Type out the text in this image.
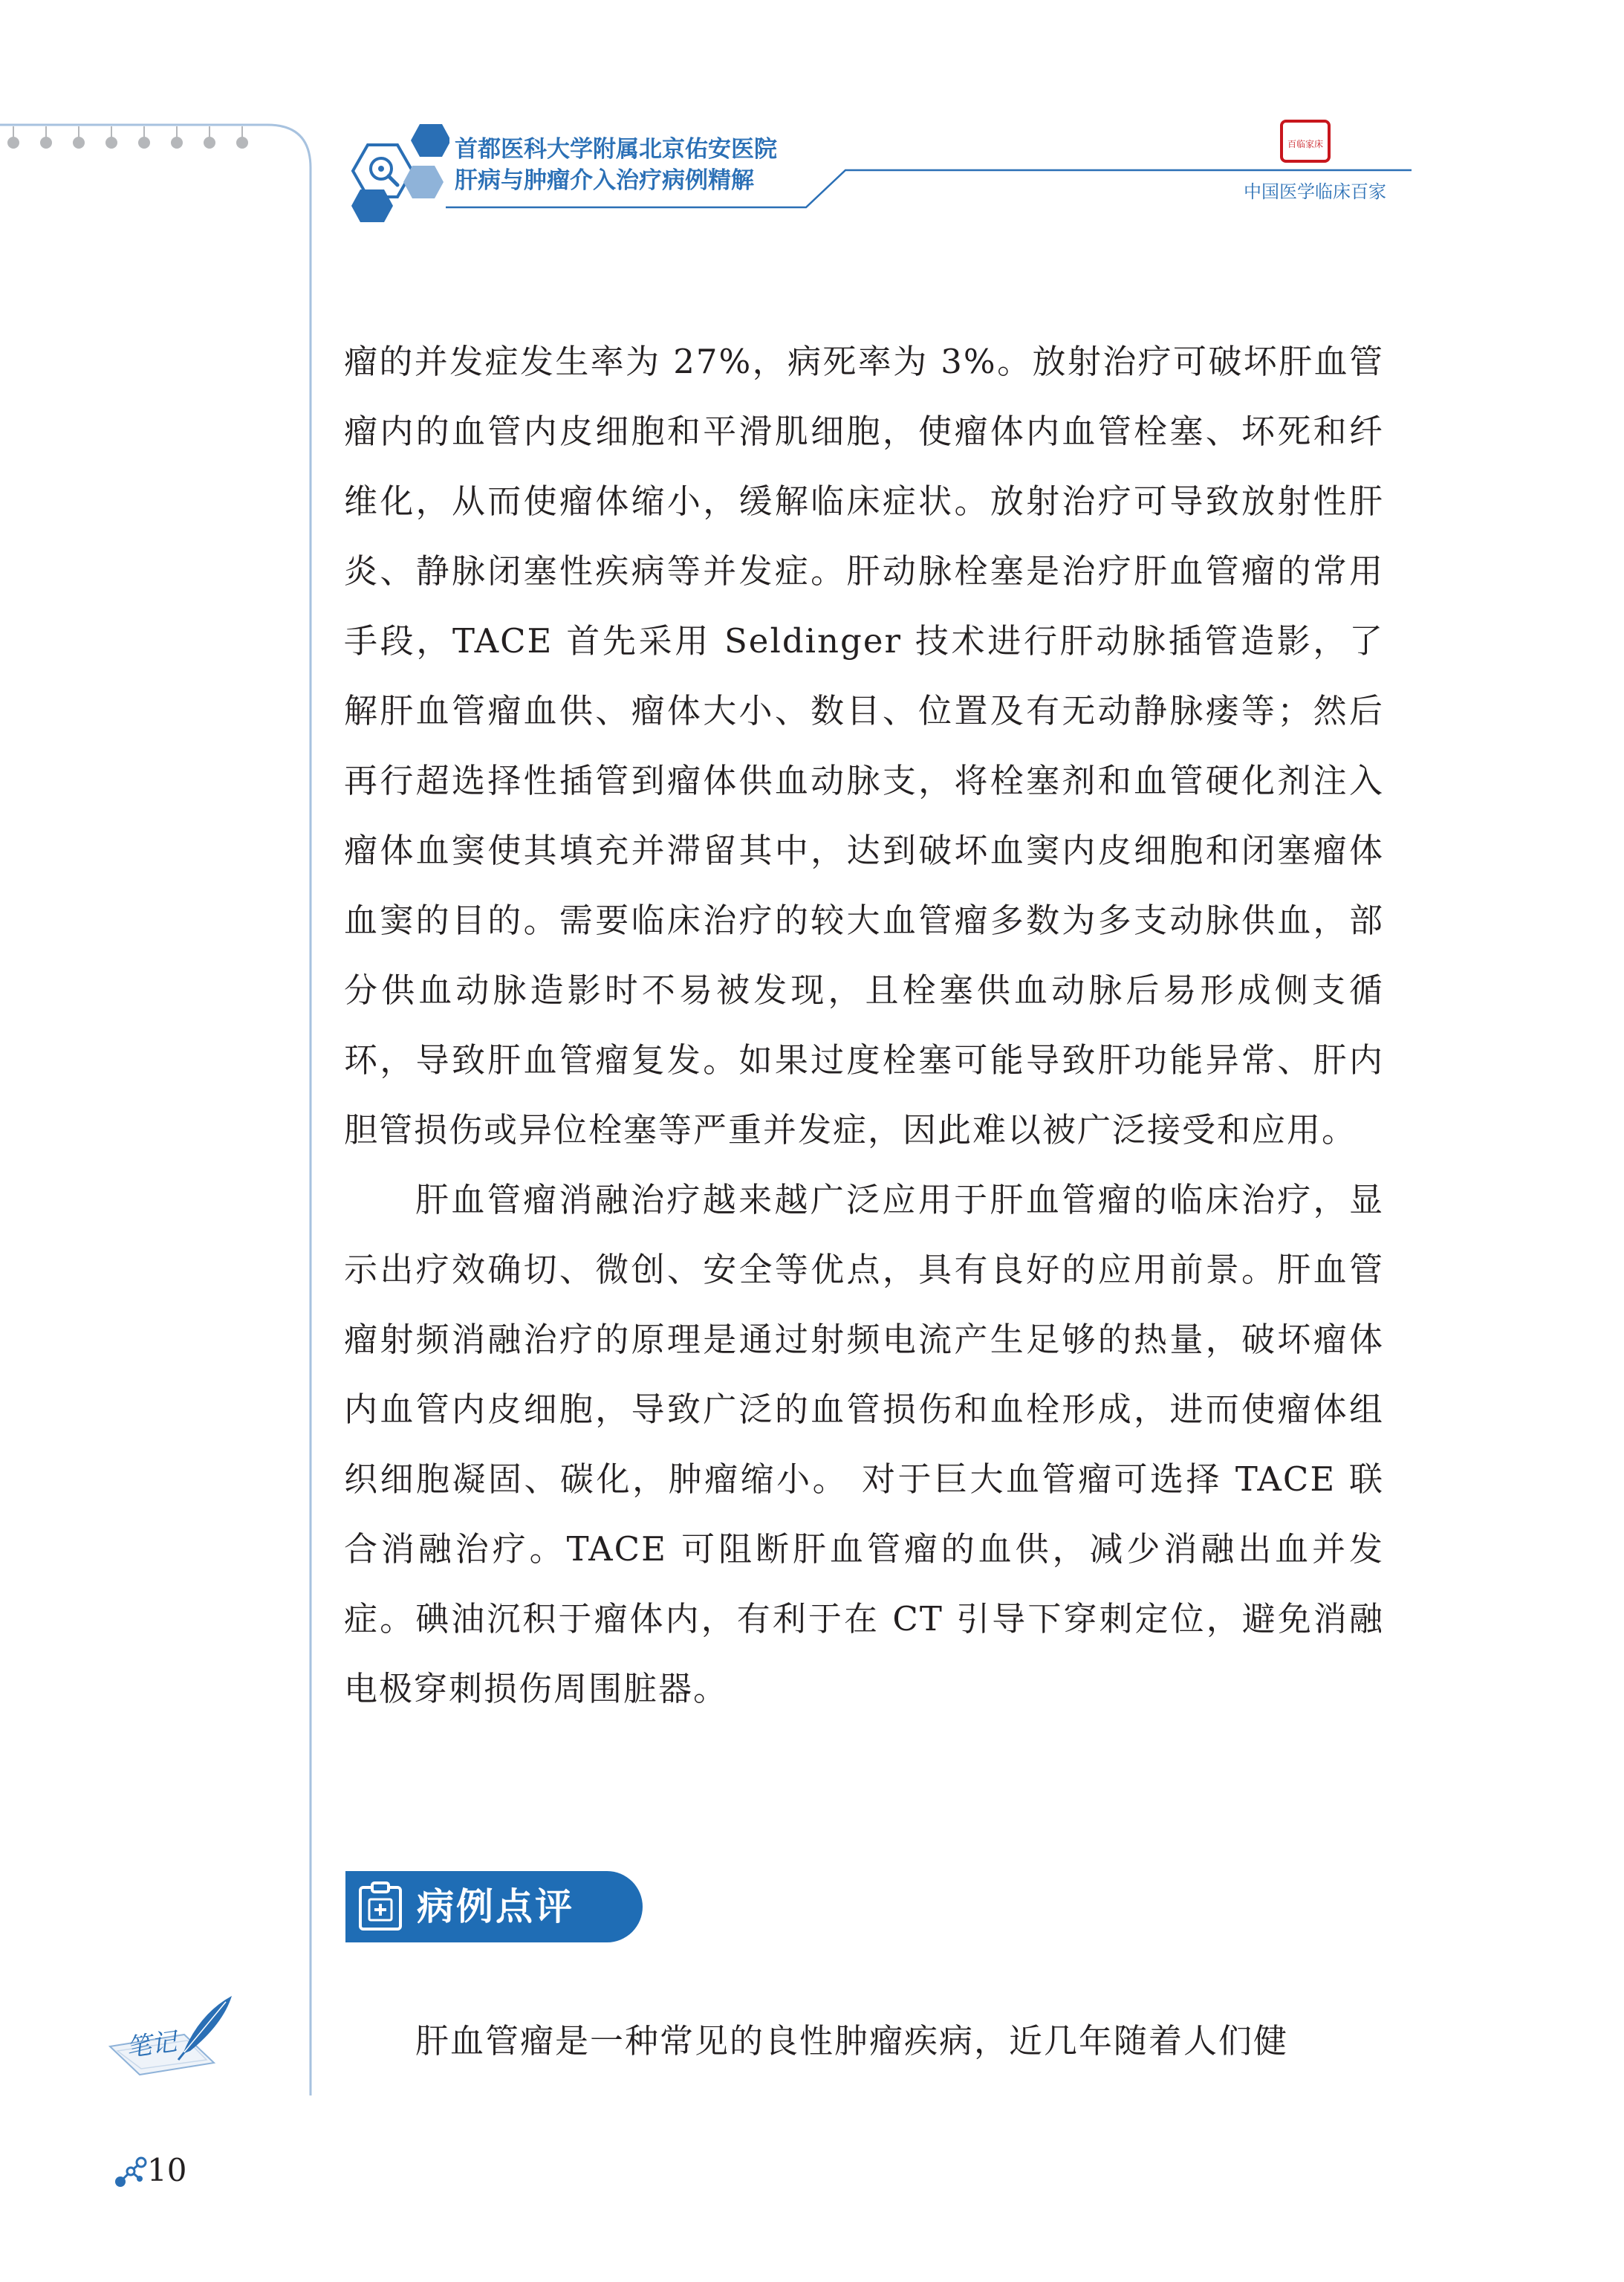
首都医科大学附属北京佑安医院
肝病与肿瘤介入治疗病例精解
百临家床
中国医学临床百家

瘤的并发症发生率为 27%，病死率为 3%。放射治疗可破坏肝血管瘤内的血管内皮细胞和平滑肌细胞，使瘤体内血管栓塞、坏死和纤维化，从而使瘤体缩小，缓解临床症状。放射治疗可导致放射性肝炎、静脉闭塞性疾病等并发症。肝动脉栓塞是治疗肝血管瘤的常用手段，TACE 首先采用 Seldinger 技术进行肝动脉插管造影，了解肝血管瘤血供、瘤体大小、数目、位置及有无动静脉瘘等；然后再行超选择性插管到瘤体供血动脉支，将栓塞剂和血管硬化剂注入瘤体血窦使其填充并滞留其中，达到破坏血窦内皮细胞和闭塞瘤体血窦的目的。需要临床治疗的较大血管瘤多数为多支动脉供血，部分供血动脉造影时不易被发现，且栓塞供血动脉后易形成侧支循环，导致肝血管瘤复发。如果过度栓塞可能导致肝功能异常、肝内胆管损伤或异位栓塞等严重并发症，因此难以被广泛接受和应用。

肝血管瘤消融治疗越来越广泛应用于肝血管瘤的临床治疗，显示出疗效确切、微创、安全等优点，具有良好的应用前景。肝血管瘤射频消融治疗的原理是通过射频电流产生足够的热量，破坏瘤体内血管内皮细胞，导致广泛的血管损伤和血栓形成，进而使瘤体组织细胞凝固、碳化，肿瘤缩小。 对于巨大血管瘤可选择 TACE 联合消融治疗。TACE 可阻断肝血管瘤的血供，减少消融出血并发症。碘油沉积于瘤体内，有利于在 CT 引导下穿刺定位，避免消融电极穿刺损伤周围脏器。

病例点评

肝血管瘤是一种常见的良性肿瘤疾病，近几年随着人们健

笔记
10
